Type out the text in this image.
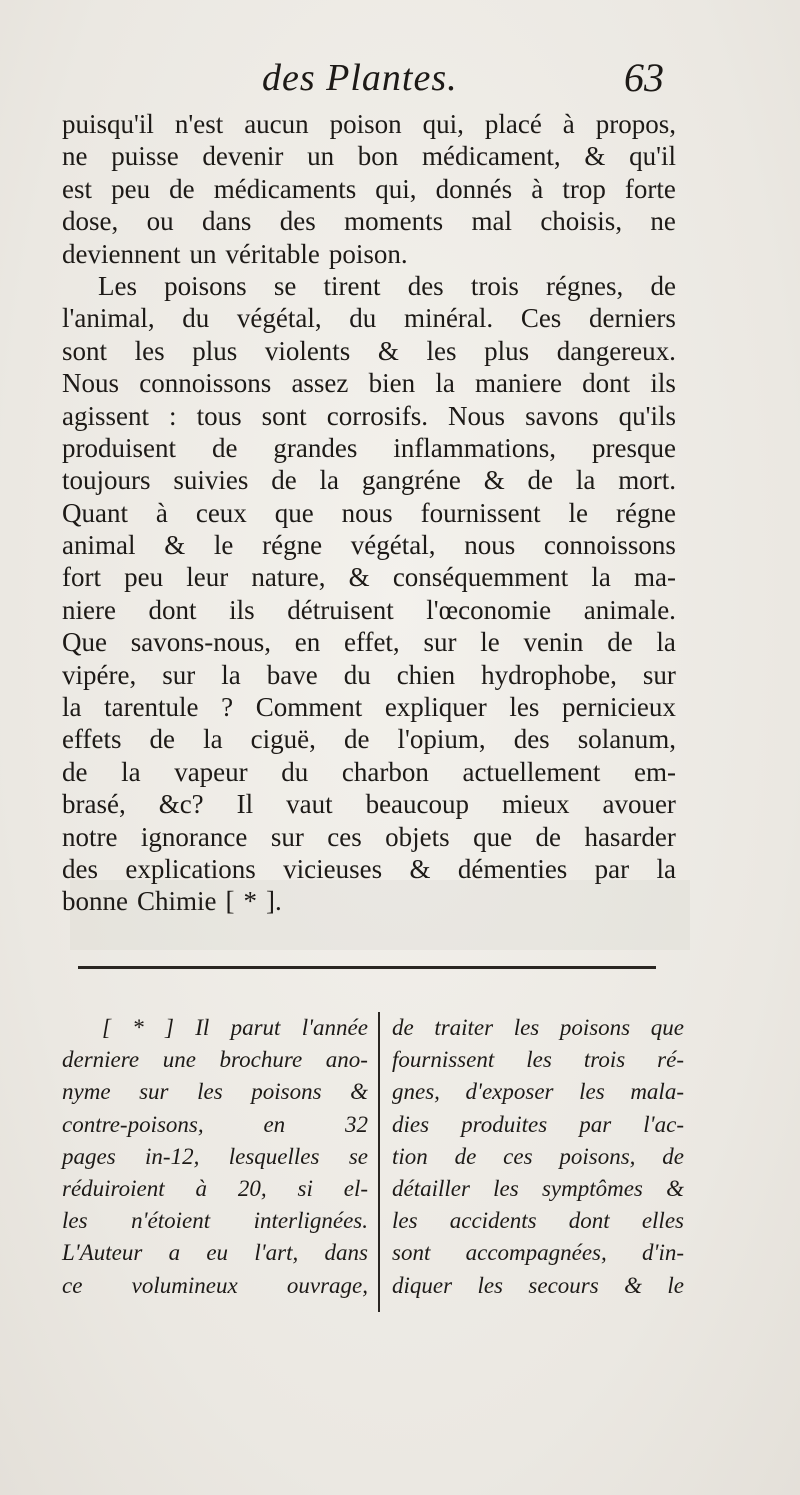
des Plantes.	63
puisqu'il n'est aucun poison qui, placé à propos,
ne puisse devenir un bon médicament, & qu'il
est peu de médicaments qui, donnés à trop forte
dose, ou dans des moments mal choisis, ne
deviennent un véritable poison.
Les poisons se tirent des trois régnes, de
l'animal, du végétal, du minéral. Ces derniers
sont les plus violents & les plus dangereux.
Nous connoissons assez bien la maniere dont ils
agissent : tous sont corrosifs. Nous savons qu'ils
produisent de grandes inflammations, presque
toujours suivies de la gangréne & de la mort.
Quant à ceux que nous fournissent le régne
animal & le régne végétal, nous connoissons
fort peu leur nature, & conséquemment la ma-
niere dont ils détruisent l'œconomie animale.
Que savons-nous, en effet, sur le venin de la
vipére, sur la bave du chien hydrophobe, sur
la tarentule ? Comment expliquer les pernicieux
effets de la ciguë, de l'opium, des solanum,
de la vapeur du charbon actuellement em-
brasé, &c? Il vaut beaucoup mieux avouer
notre ignorance sur ces objets que de hasarder
des explications vicieuses & démenties par la
bonne Chimie [ * ].
[ * ] Il parut l'année
derniere une brochure ano-
nyme sur les poisons &
contre-poisons,	en	32
pages in-12, lesquelles se
réduiroient à 20, si el-
les n'étoient interlignées.
L'Auteur a eu l'art, dans
ce volumineux ouvrage,
de traiter les poisons que
fournissent les trois ré-
gnes, d'exposer les mala-
dies produites par l'ac-
tion de ces poisons, de
détailler les symptômes &
les accidents dont elles
sont accompagnées, d'in-
diquer les secours & le
